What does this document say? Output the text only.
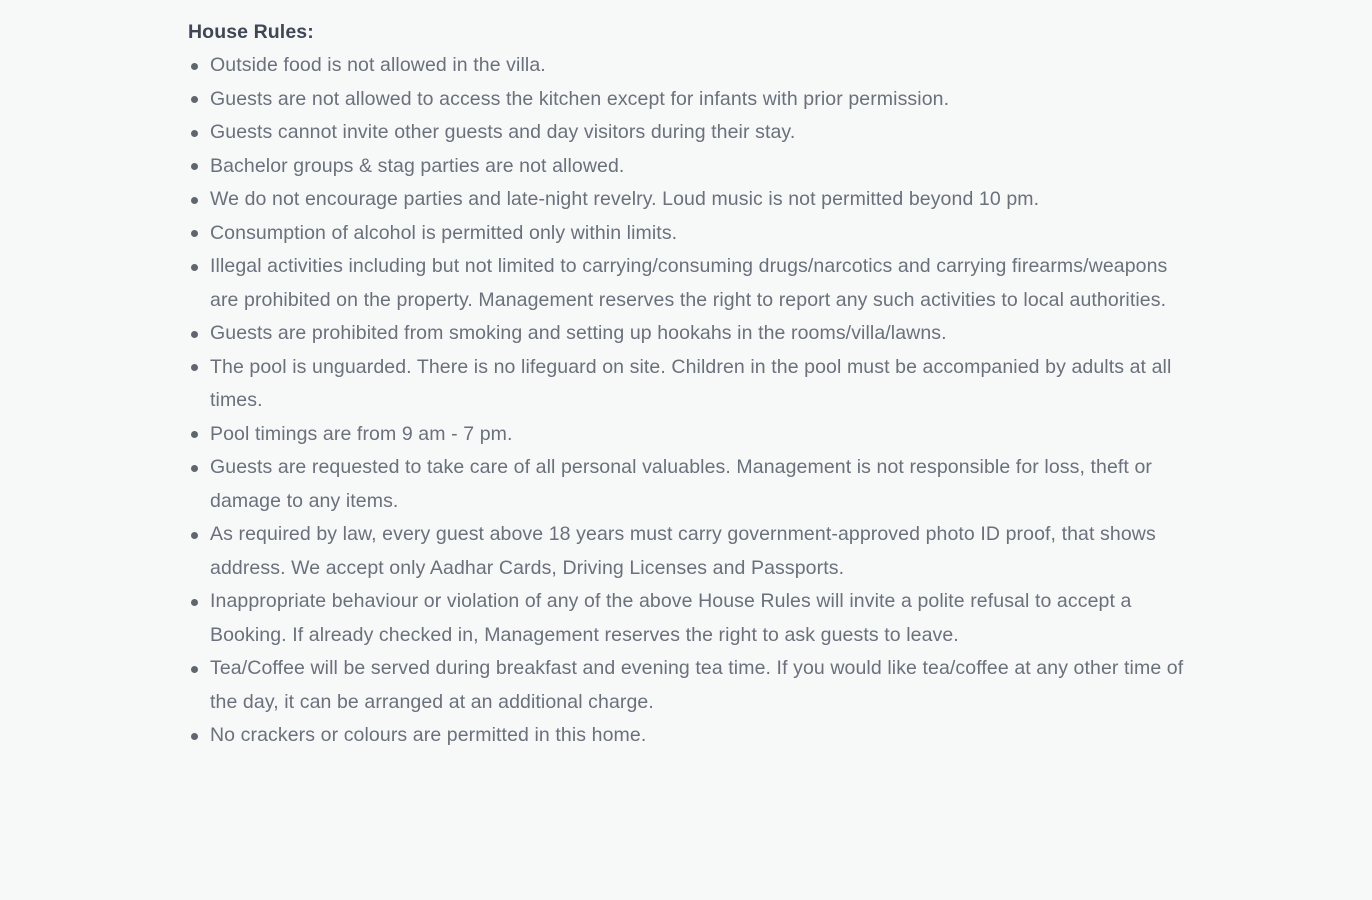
House Rules:
Outside food is not allowed in the villa.
Guests are not allowed to access the kitchen except for infants with prior permission.
Guests cannot invite other guests and day visitors during their stay.
Bachelor groups & stag parties are not allowed.
We do not encourage parties and late-night revelry. Loud music is not permitted beyond 10 pm.
Consumption of alcohol is permitted only within limits.
Illegal activities including but not limited to carrying/consuming drugs/narcotics and carrying firearms/weapons are prohibited on the property. Management reserves the right to report any such activities to local authorities.
Guests are prohibited from smoking and setting up hookahs in the rooms/villa/lawns.
The pool is unguarded. There is no lifeguard on site. Children in the pool must be accompanied by adults at all times.
Pool timings are from 9 am - 7 pm.
Guests are requested to take care of all personal valuables. Management is not responsible for loss, theft or damage to any items.
As required by law, every guest above 18 years must carry government-approved photo ID proof, that shows address. We accept only Aadhar Cards, Driving Licenses and Passports.
Inappropriate behaviour or violation of any of the above House Rules will invite a polite refusal to accept a Booking. If already checked in, Management reserves the right to ask guests to leave.
Tea/Coffee will be served during breakfast and evening tea time. If you would like tea/coffee at any other time of the day, it can be arranged at an additional charge.
No crackers or colours are permitted in this home.
